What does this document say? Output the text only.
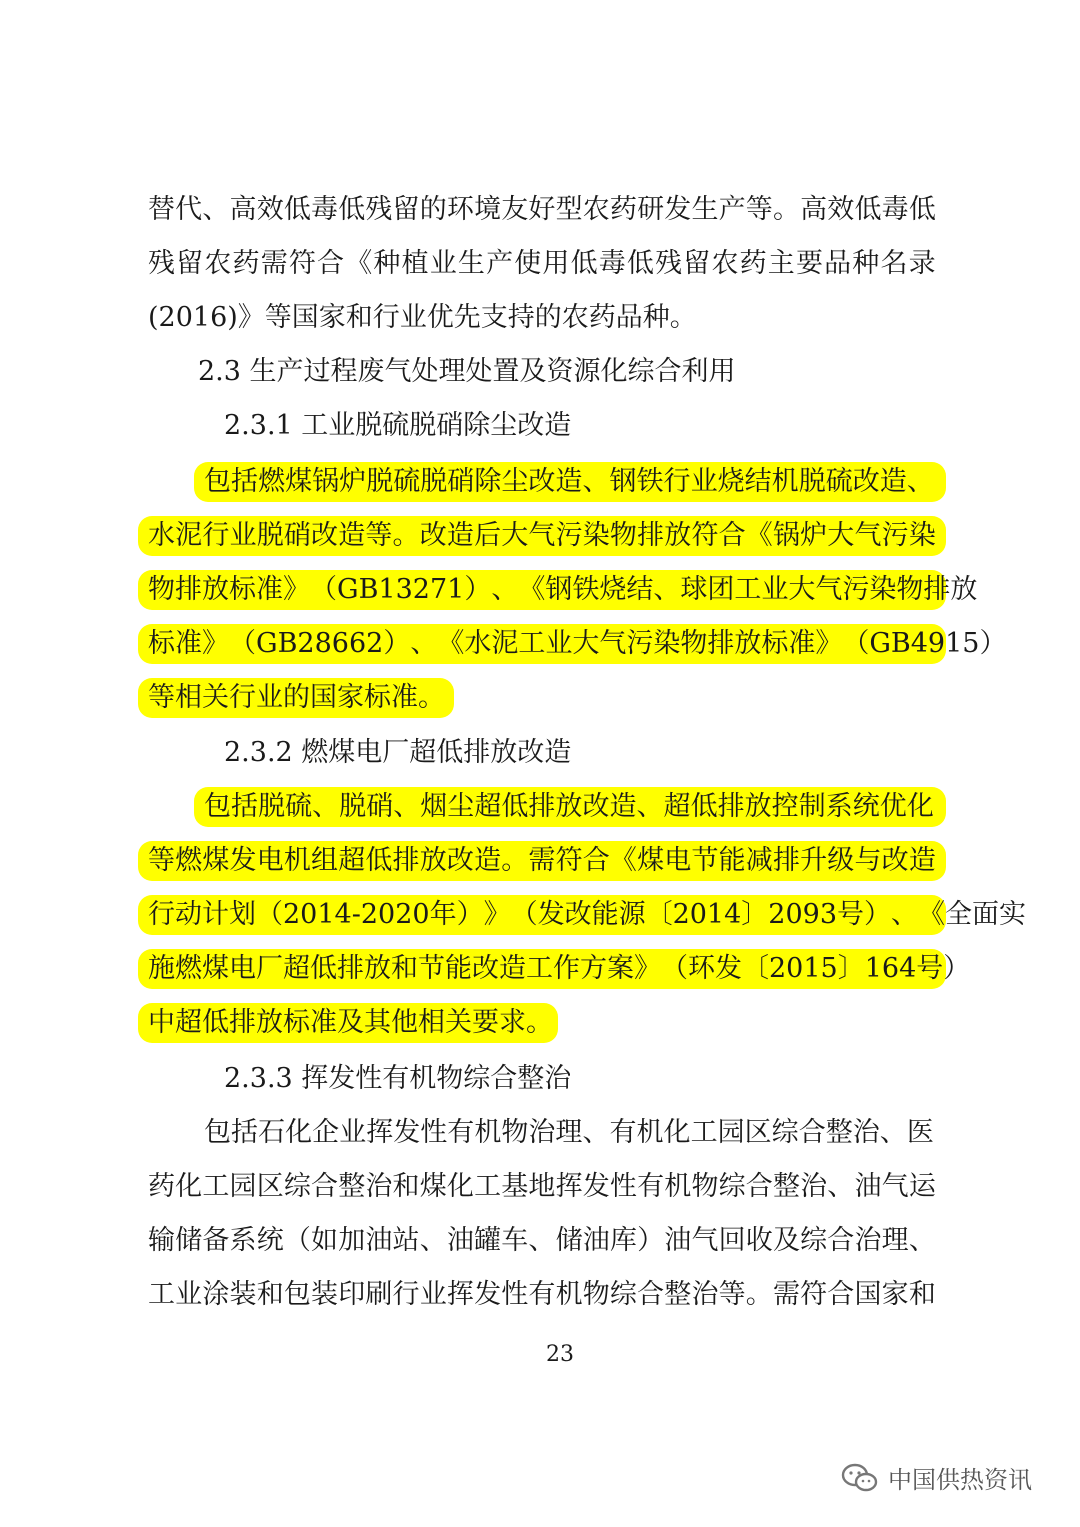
替 代 、 高 效 低 毒 低 残 留 的 环 境 友 好 型 农 药 研 发 生 产 等 。 高 效 低 毒 低
残 留 农 药 需 符 合 《 种 植 业 生 产 使 用 低 毒 低 残 留 农 药 主 要 品 种 名 录
(2016)》等国家和行业优先支持的农药品种。
2.3 生产过程废气处理处置及资源化综合利用
2.3.1 工业脱硫脱硝除尘改造
包 括 燃 煤 锅 炉 脱 硫 脱 硝 除 尘 改 造 、 钢 铁 行 业 烧 结 机 脱 硫 改 造 、
水 泥 行 业 脱 硝 改 造 等 。 改 造 后 大 气 污 染 物 排 放 符 合 《 锅 炉 大 气 污 染
物 排 放 标 准 》 （ GB 13271 ） 、 《 钢 铁 烧 结 、 球 团 工 业 大 气 污 染 物 排 放
标 准 》 （ GB 28662 ） 、 《 水 泥 工 业 大 气 污 染 物 排 放 标 准 》 （ GB 4915 ）
等相关行业的国家标准。
2.3.2 燃煤电厂超低排放改造
包 括 脱 硫 、 脱 硝 、 烟 尘 超 低 排 放 改 造 、 超 低 排 放 控 制 系 统 优 化
等 燃 煤 发 电 机 组 超 低 排 放 改 造 。 需 符 合 《 煤 电 节 能 减 排 升 级 与 改 造
行 动 计 划 （ 2014-2020 年 ） 》 （ 发 改 能 源 〔 2014 〕 2093 号 ） 、 《 全 面 实
施 燃 煤 电 厂 超 低 排 放 和 节 能 改 造 工 作 方 案 》 （ 环 发 〔 2015 〕 164 号 ）
中超低排放标准及其他相关要求。
2.3.3 挥发性有机物综合整治
包 括 石 化 企 业 挥 发 性 有 机 物 治 理 、 有 机 化 工 园 区 综 合 整 治 、 医
药 化 工 园 区 综 合 整 治 和 煤 化 工 基 地 挥 发 性 有 机 物 综 合 整 治 、 油 气 运
输 储 备 系 统 （ 如 加 油 站 、 油 罐 车 、 储 油 库 ） 油 气 回 收 及 综 合 治 理 、
工 业 涂 装 和 包 装 印 刷 行 业 挥 发 性 有 机 物 综 合 整 治 等 。 需 符 合 国 家 和
23
中国供热资讯
